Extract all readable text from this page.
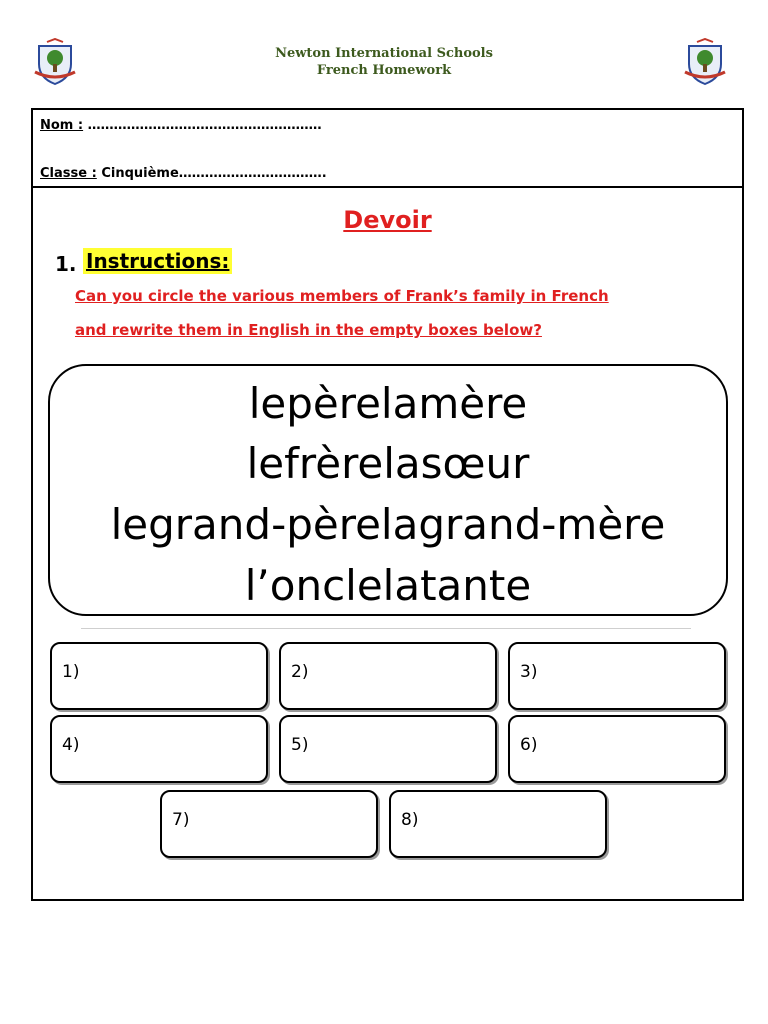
Newton International Schools
French Homework
Nom : ………………………………………………
Classe : Cinquième…………………………….
Devoir
1. Instructions:
Can you circle the various members of Frank’s family in French
and rewrite them in English in the empty boxes below?
lepèrelamère
lefrèrelasœur
legrand-pèrelagrand-mère
l’onclelatante
1)	2)	3)
4)	5)	6)
7)	8)
